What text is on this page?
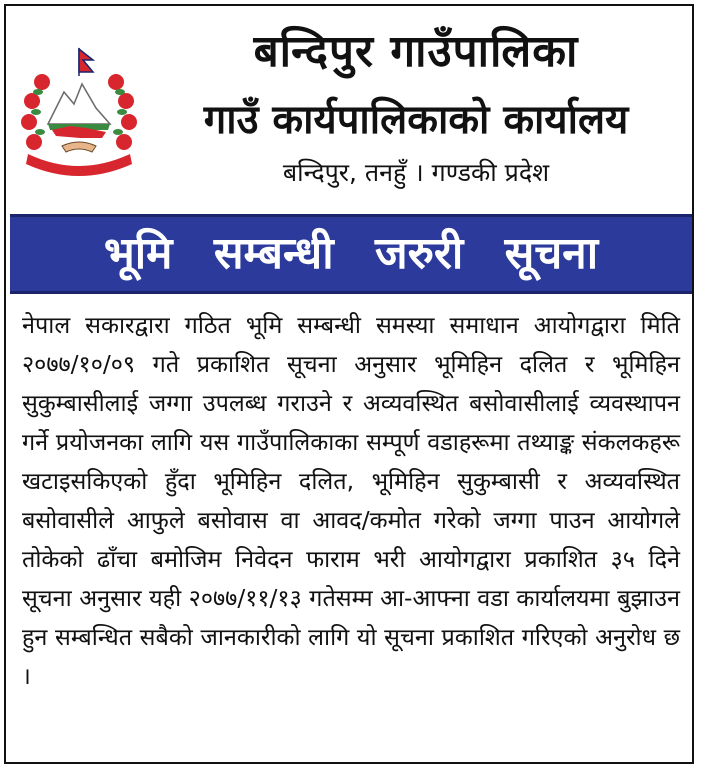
बन्दिपुर गाउँपालिका
गाउँ कार्यपालिकाको कार्यालय
बन्दिपुर, तनहुँ । गण्डकी प्रदेश
भूमि सम्बन्धी जरुरी सूचना

नेपाल सकारद्वारा गठित भूमि सम्बन्धी समस्या समाधान आयोगद्वारा मिति २०७७/१०/०९ गते प्रकाशित सूचना अनुसार भूमिहिन दलित र भूमिहिन सुकुम्बासीलाई जग्गा उपलब्ध गराउने र अव्यवस्थित बसोवासीलाई व्यवस्थापन गर्ने प्रयोजनका लागि यस गाउँपालिकाका सम्पूर्ण वडाहरूमा तथ्याङ्क संकलकहरू खटाइसकिएको हुँदा भूमिहिन दलित, भूमिहिन सुकुम्बासी र अव्यवस्थित बसोवासीले आफुले बसोवास वा आवद/कमोत गरेको जग्गा पाउन आयोगले तोकेको ढाँचा बमोजिम निवेदन फाराम भरी आयोगद्वारा प्रकाशित ३५ दिने सूचना अनुसार यही २०७७/११/१३ गतेसम्म आ-आफ्ना वडा कार्यालयमा बुझाउन हुन सम्बन्धित सबैको जानकारीको लागि यो सूचना प्रकाशित गरिएको अनुरोध छ ।
